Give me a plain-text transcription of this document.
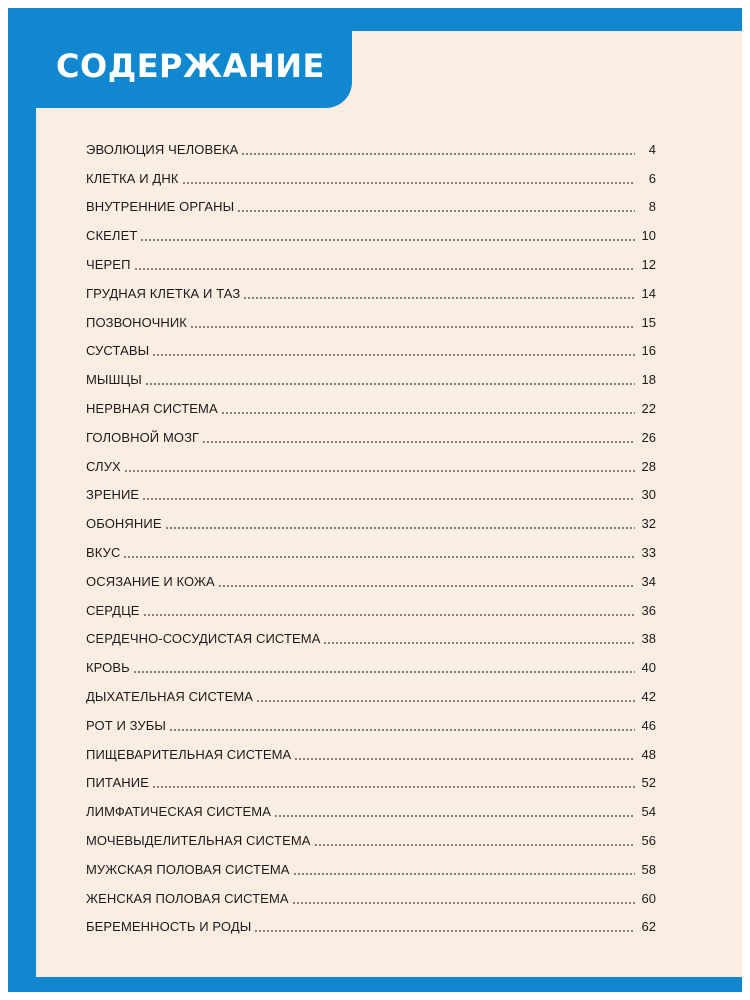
СОДЕРЖАНИЕ
ЭВОЛЮЦИЯ ЧЕЛОВЕКА	4
КЛЕТКА И ДНК	6
ВНУТРЕННИЕ ОРГАНЫ	8
СКЕЛЕТ	10
ЧЕРЕП	12
ГРУДНАЯ КЛЕТКА И ТАЗ	14
ПОЗВОНОЧНИК	15
СУСТАВЫ	16
МЫШЦЫ	18
НЕРВНАЯ СИСТЕМА	22
ГОЛОВНОЙ МОЗГ	26
СЛУХ	28
ЗРЕНИЕ	30
ОБОНЯНИЕ	32
ВКУС	33
ОСЯЗАНИЕ И КОЖА	34
СЕРДЦЕ	36
СЕРДЕЧНО-СОСУДИСТАЯ СИСТЕМА	38
КРОВЬ	40
ДЫХАТЕЛЬНАЯ СИСТЕМА	42
РОТ И ЗУБЫ	46
ПИЩЕВАРИТЕЛЬНАЯ СИСТЕМА	48
ПИТАНИЕ	52
ЛИМФАТИЧЕСКАЯ СИСТЕМА	54
МОЧЕВЫДЕЛИТЕЛЬНАЯ СИСТЕМА	56
МУЖСКАЯ ПОЛОВАЯ СИСТЕМА	58
ЖЕНСКАЯ ПОЛОВАЯ СИСТЕМА	60
БЕРЕМЕННОСТЬ И РОДЫ	62
